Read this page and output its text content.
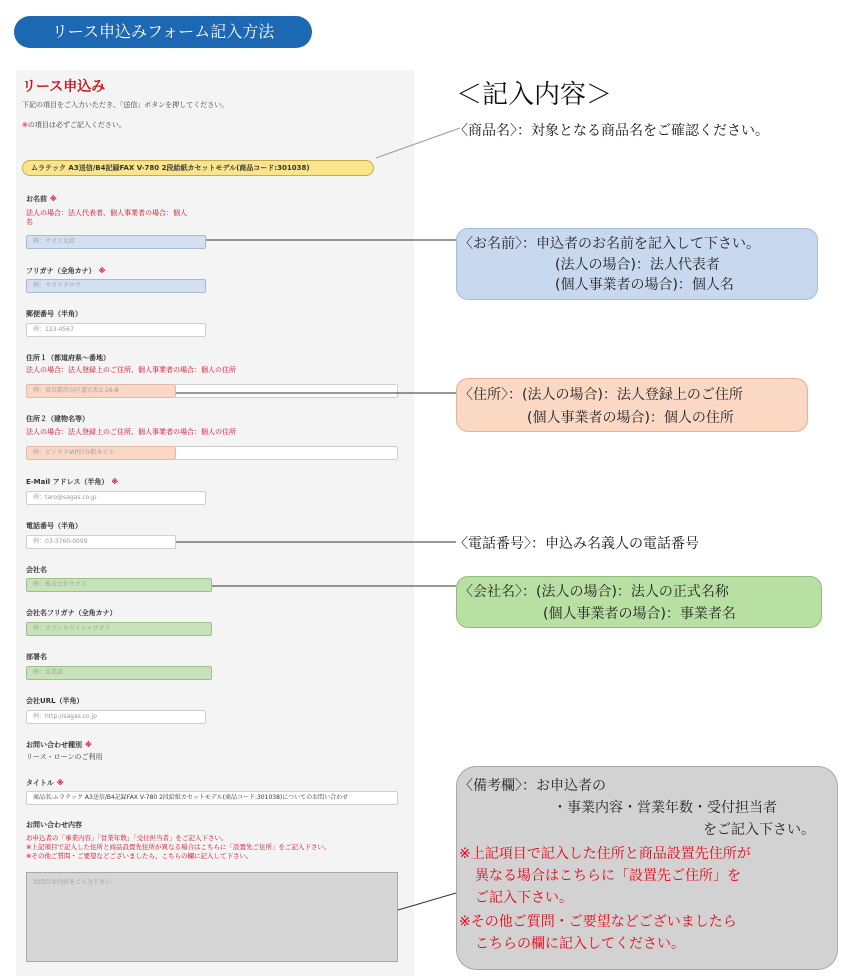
リース申込みフォーム記入方法
リース申込み
下記の項目をご入力いただき、「送信」ボタンを押してください。
※の項目は必ずご記入ください。
ムラテック A3送信/B4記録FAX V-780 2段給紙カセットモデル(商品コード:301038)
お名前 ※
法人の場合：法人代表者、個人事業者の場合：個人
名
例：サガス太郎
フリガナ（全角カナ） ※
例：サガスタロウ
郵便番号（半角）
例：123-4567
住所１（都道府県〜番地）
法人の場合：法人登録上のご住所、個人事業者の場合：個人の住所
例：東京都渋谷区道玄坂2-16-8
住所２（建物名等）
法人の場合：法人登録上のご住所、個人事業者の場合：個人の住所
例：ビジネスVIP渋谷駅本ビル
E-Mail アドレス（半角） ※
例：taro@sagas.co.jp
電話番号（半角）
例：03-3760-0099
会社名
例：株式会社サガス
会社名フリガナ（全角カナ）
例：カブシキガイシャサガス
部署名
例：営業部
会社URL（半角）
例：http://sagas.co.jp
お問い合わせ種別 ※
リース・ローンのご利用
タイトル ※
商品名:ムラテック A3送信/B4記録FAX V-780 2段給紙カセットモデル(商品コード:301038)についてのお問い合わせ
お問い合わせ内容
お申込者の「事業内容」「営業年数」「受付担当者」をご記入下さい。
※上記項目で記入した住所と商品設置先住所が異なる場合はこちらに「設置先ご住所」をご記入下さい。
※その他ご質問・ご要望などございましたら、こちらの欄に記入して下さい。
お問合せ内容をご入力下さい。
＜記入内容＞
〈商品名〉：対象となる商品名をご確認ください。
〈お名前〉：申込者のお名前を記入して下さい。
(法人の場合)：法人代表者
(個人事業者の場合)：個人名
〈住所〉：(法人の場合)：法人登録上のご住所
(個人事業者の場合)：個人の住所
〈電話番号〉：申込み名義人の電話番号
〈会社名〉：(法人の場合)：法人の正式名称
(個人事業者の場合)：事業者名
〈備考欄〉：お申込者の
・事業内容・営業年数・受付担当者
をご記入下さい。
※上記項目で記入した住所と商品設置先住所が
異なる場合はこちらに「設置先ご住所」を
ご記入下さい。
※その他ご質問・ご要望などございましたら
こちらの欄に記入してください。
